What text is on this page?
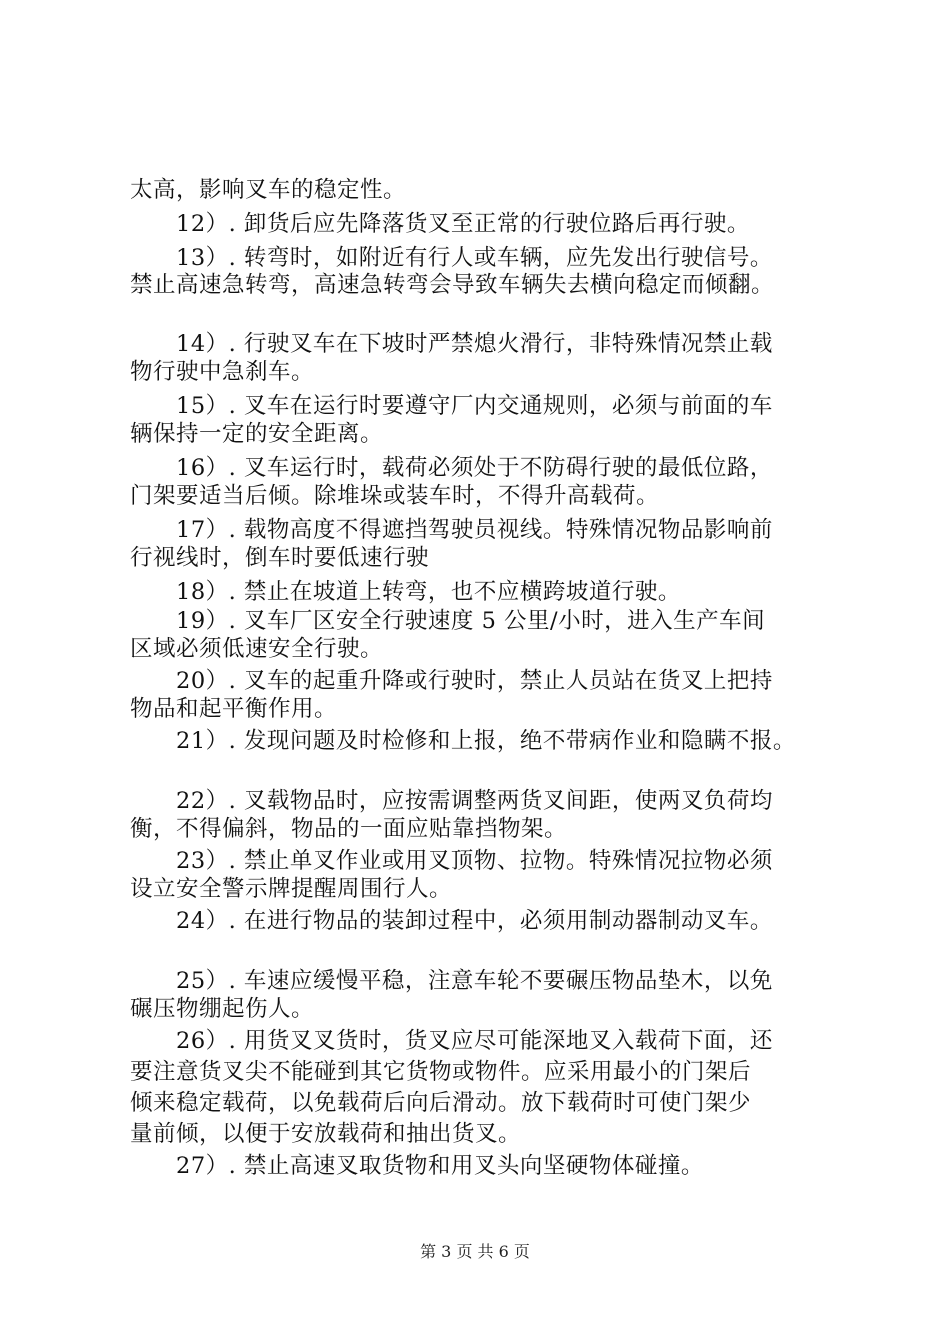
太高，影响叉车的稳定性。
12）. 卸货后应先降落货叉至正常的行驶位路后再行驶。
13）. 转弯时，如附近有行人或车辆，应先发出行驶信号。
禁止高速急转弯，高速急转弯会导致车辆失去横向稳定而倾翻。
14）. 行驶叉车在下坡时严禁熄火滑行，非特殊情况禁止载
物行驶中急刹车。
15）. 叉车在运行时要遵守厂内交通规则，必须与前面的车
辆保持一定的安全距离。
16）. 叉车运行时，载荷必须处于不防碍行驶的最低位路，
门架要适当后倾。除堆垛或装车时，不得升高载荷。
17）. 载物高度不得遮挡驾驶员视线。特殊情况物品影响前
行视线时，倒车时要低速行驶
18）. 禁止在坡道上转弯，也不应横跨坡道行驶。
19）. 叉车厂区安全行驶速度 5 公里/小时，进入生产车间
区域必须低速安全行驶。
20）. 叉车的起重升降或行驶时，禁止人员站在货叉上把持
物品和起平衡作用。
21）. 发现问题及时检修和上报，绝不带病作业和隐瞒不报。
22）. 叉载物品时，应按需调整两货叉间距，使两叉负荷均
衡，不得偏斜，物品的一面应贴靠挡物架。
23）. 禁止单叉作业或用叉顶物、拉物。特殊情况拉物必须
设立安全警示牌提醒周围行人。
24）. 在进行物品的装卸过程中，必须用制动器制动叉车。
25）. 车速应缓慢平稳，注意车轮不要碾压物品垫木，以免
碾压物绷起伤人。
26）. 用货叉叉货时，货叉应尽可能深地叉入载荷下面，还
要注意货叉尖不能碰到其它货物或物件。应采用最小的门架后
倾来稳定载荷，以免载荷后向后滑动。放下载荷时可使门架少
量前倾，以便于安放载荷和抽出货叉。
27）. 禁止高速叉取货物和用叉头向坚硬物体碰撞。
第 3 页 共 6 页
